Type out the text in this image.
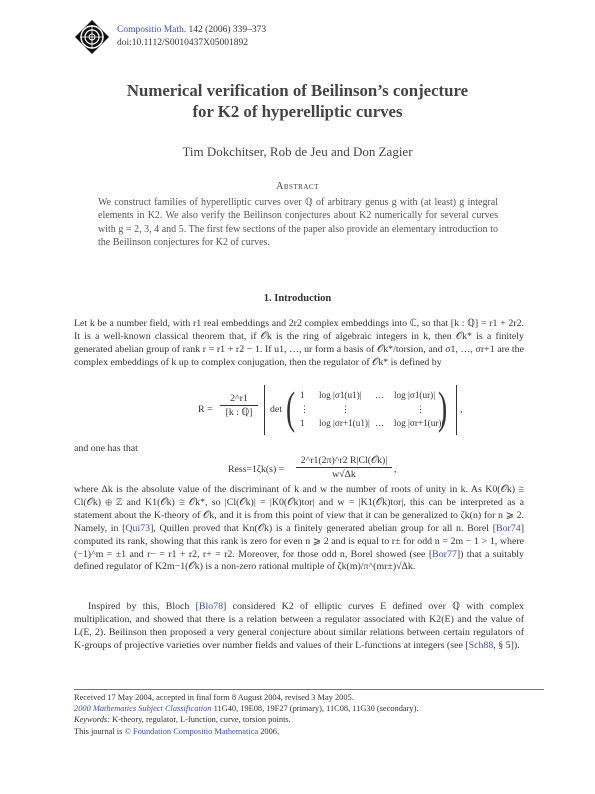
Compositio Math. 142 (2006) 339–373
doi:10.1112/S0010437X05001892
Numerical verification of Beilinson’s conjecture
for K2 of hyperelliptic curves
Tim Dokchitser, Rob de Jeu and Don Zagier
Abstract
We construct families of hyperelliptic curves over ℚ of arbitrary genus g with (at least) g integral elements in K2. We also verify the Beilinson conjectures about K2 numerically for several curves with g = 2, 3, 4 and 5. The first few sections of the paper also provide an elementary introduction to the Beilinson conjectures for K2 of curves.
1. Introduction
Let k be a number field, with r1 real embeddings and 2r2 complex embeddings into ℂ, so that [k : ℚ] = r1 + 2r2. It is a well-known classical theorem that, if 𝒪k is the ring of algebraic integers in k, then 𝒪k* is a finitely generated abelian group of rank r = r1 + r2 − 1. If u1, …, ur form a basis of 𝒪k*/torsion, and σ1, …, σr+1 are the complex embeddings of k up to complex conjugation, then the regulator of 𝒪k* is defined by
R =
2^r1
[k : ℚ]	det ( 1
⋮
1
log |σ1(u1)|
⋮
log |σr+1(u1)|
…

…
log |σ1(ur)|
⋮
log |σr+1(ur)|
) ,
and one has that
Ress=1ζk(s) =
2^r1(2π)^r2 R|Cl(𝒪k)|
w√Δk	,
where Δk is the absolute value of the discriminant of k and w the number of roots of unity in k. As K0(𝒪k) ≅ Cl(𝒪k) ⊕ ℤ and K1(𝒪k) ≅ 𝒪k*, so |Cl(𝒪k)| = |K0(𝒪k)tor| and w = |K1(𝒪k)tor|, this can be interpreted as a statement about the K-theory of 𝒪k, and it is from this point of view that it can be generalized to ζk(n) for n ⩾ 2. Namely, in [Qui73], Quillen proved that Kn(𝒪k) is a finitely generated abelian group for all n. Borel [Bor74] computed its rank, showing that this rank is zero for even n ⩾ 2 and is equal to r± for odd n = 2m − 1 > 1, where (−1)^m = ±1 and r− = r1 + r2, r+ = r2. Moreover, for those odd n, Borel showed (see [Bor77]) that a suitably defined regulator of K2m−1(𝒪k) is a non-zero rational multiple of ζk(m)/π^(mr±)√Δk.
Inspired by this, Bloch [Blo78] considered K2 of elliptic curves E defined over ℚ with complex multiplication, and showed that there is a relation between a regulator associated with K2(E) and the value of L(E, 2). Beilinson then proposed a very general conjecture about similar relations between certain regulators of K-groups of projective varieties over number fields and values of their L-functions at integers (see [Sch88, § 5]).
Received 17 May 2004, accepted in final form 8 August 2004, revised 3 May 2005.
2000 Mathematics Subject Classification 11G40, 19E08, 19F27 (primary), 11C08, 11G30 (secondary).
Keywords: K-theory, regulator, L-function, curve, torsion points.
This journal is © Foundation Compositio Mathematica 2006.
